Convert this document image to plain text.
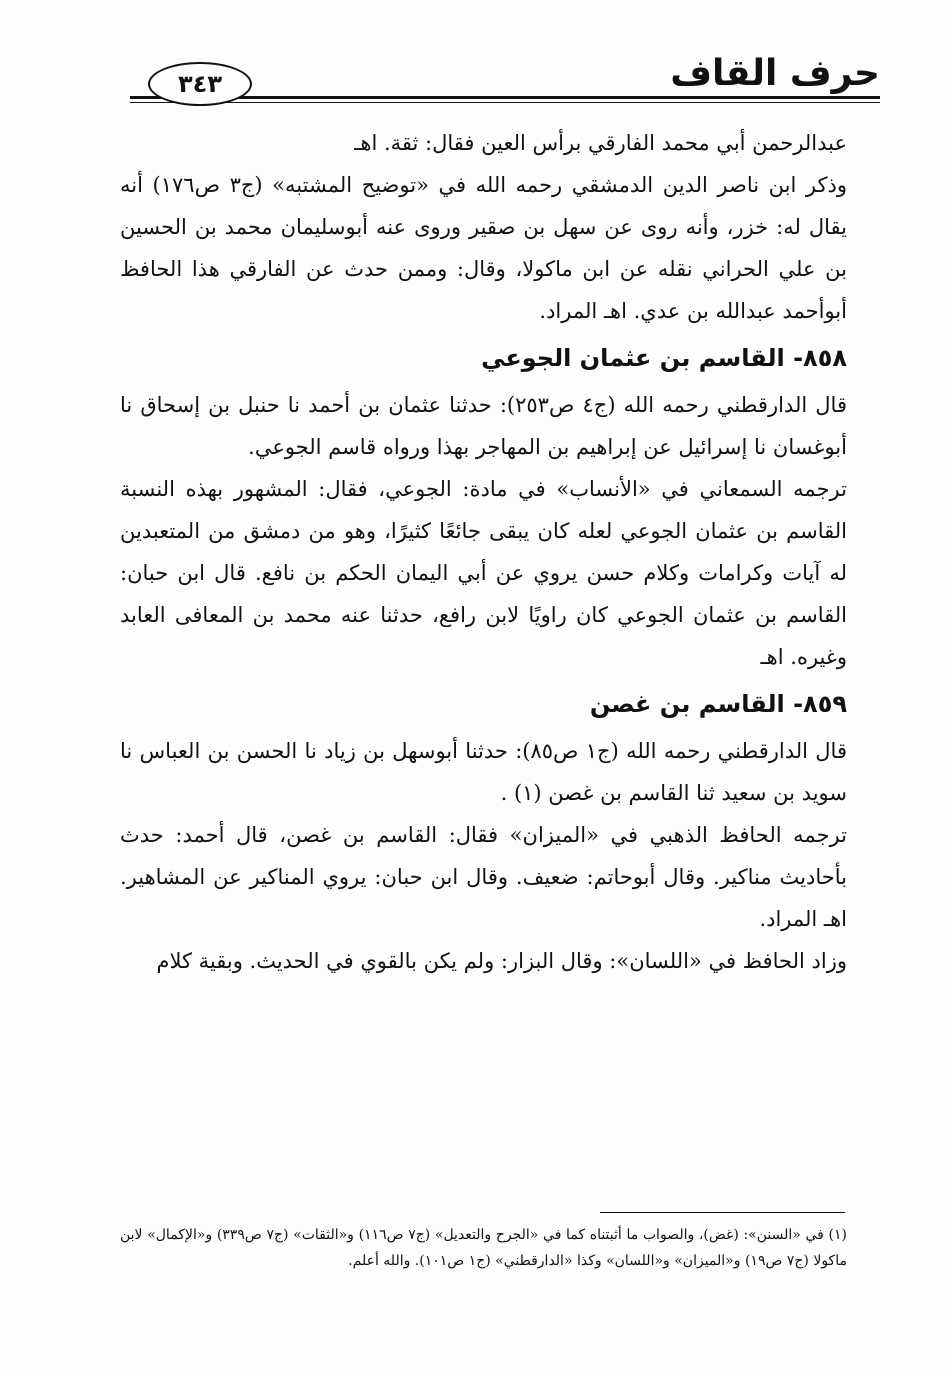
حرف القاف
٣٤٣

عبدالرحمن أبي محمد الفارقي برأس العين فقال: ثقة. اهـ

وذكر ابن ناصر الدين الدمشقي رحمه الله في «توضيح المشتبه» (ج٣ ص١٧٦) أنه يقال له: خزر، وأنه روى عن سهل بن صقير وروى عنه أبوسليمان محمد بن الحسين بن علي الحراني نقله عن ابن ماكولا، وقال: وممن حدث عن الفارقي هذا الحافظ أبوأحمد عبدالله بن عدي. اهـ المراد.

٨٥٨- القاسم بن عثمان الجوعي

قال الدارقطني رحمه الله (ج٤ ص٢٥٣): حدثنا عثمان بن أحمد نا حنبل بن إسحاق نا أبوغسان نا إسرائيل عن إبراهيم بن المهاجر بهذا ورواه قاسم الجوعي.

ترجمه السمعاني في «الأنساب» في مادة: الجوعي، فقال: المشهور بهذه النسبة القاسم بن عثمان الجوعي لعله كان يبقى جائعًا كثيرًا، وهو من دمشق من المتعبدين له آيات وكرامات وكلام حسن يروي عن أبي اليمان الحكم بن نافع. قال ابن حبان: القاسم بن عثمان الجوعي كان راويًا لابن رافع، حدثنا عنه محمد بن المعافى العابد وغيره. اهـ

٨٥٩- القاسم بن غصن

قال الدارقطني رحمه الله (ج١ ص٨٥): حدثنا أبوسهل بن زياد نا الحسن بن العباس نا سويد بن سعيد ثنا القاسم بن غصن (١) .

ترجمه الحافظ الذهبي في «الميزان» فقال: القاسم بن غصن، قال أحمد: حدث بأحاديث مناكير. وقال أبوحاتم: ضعيف. وقال ابن حبان: يروي المناكير عن المشاهير. اهـ المراد.

وزاد الحافظ في «اللسان»: وقال البزار: ولم يكن بالقوي في الحديث. وبقية كلام

(١) في «السنن»: (غض)، والصواب ما أثبتناه كما في «الجرح والتعديل» (ج٧ ص١١٦) و«الثقات» (ج٧ ص٣٣٩) و«الإكمال» لابن ماكولا (ج٧ ص١٩) و«الميزان» و«اللسان» وكذا «الدارقطني» (ج١ ص١٠١). والله أعلم.
